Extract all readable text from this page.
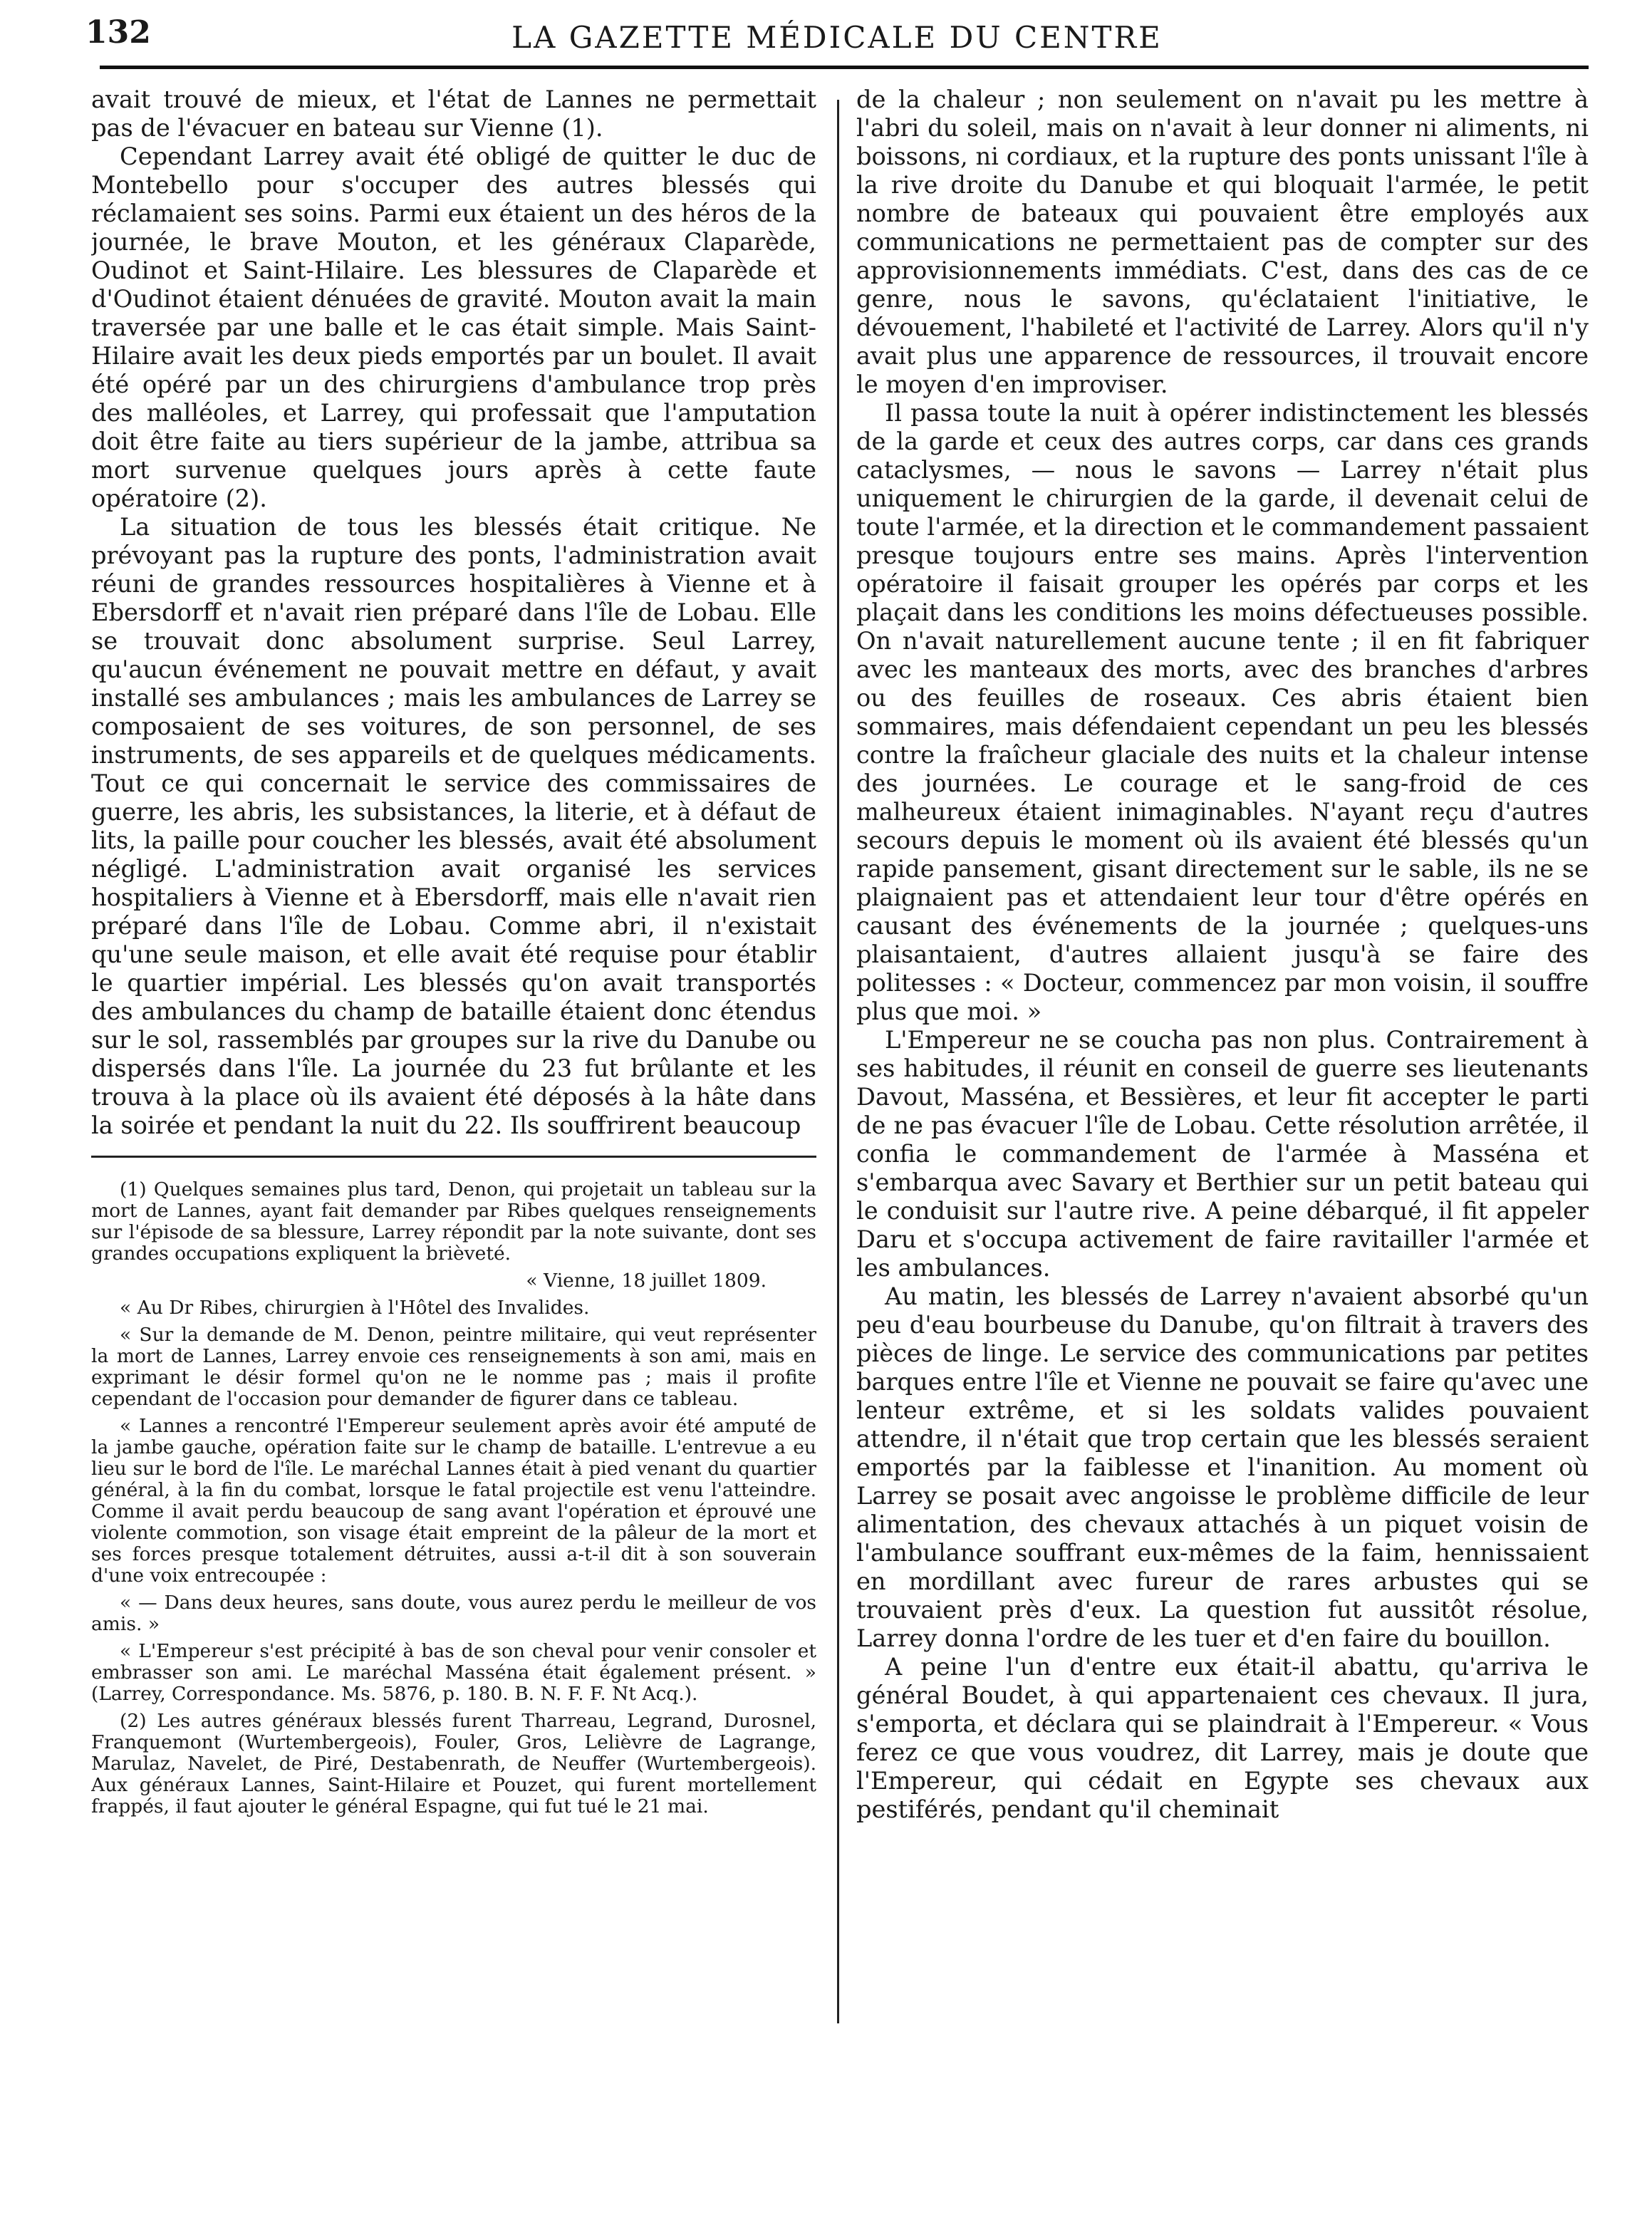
132	LA GAZETTE MÉDICALE DU CENTRE

avait trouvé de mieux, et l'état de Lannes ne permettait pas de l'évacuer en bateau sur Vienne (1).

Cependant Larrey avait été obligé de quitter le duc de Montebello pour s'occuper des autres blessés qui réclamaient ses soins. Parmi eux étaient un des héros de la journée, le brave Mouton, et les généraux Claparède, Oudinot et Saint-Hilaire. Les blessures de Claparède et d'Oudinot étaient dénuées de gravité. Mouton avait la main traversée par une balle et le cas était simple. Mais Saint-Hilaire avait les deux pieds emportés par un boulet. Il avait été opéré par un des chirurgiens d'ambulance trop près des malléoles, et Larrey, qui professait que l'amputation doit être faite au tiers supérieur de la jambe, attribua sa mort survenue quelques jours après à cette faute opératoire (2).

La situation de tous les blessés était critique. Ne prévoyant pas la rupture des ponts, l'administration avait réuni de grandes ressources hospitalières à Vienne et à Ebersdorff et n'avait rien préparé dans l'île de Lobau. Elle se trouvait donc absolument surprise. Seul Larrey, qu'aucun événement ne pouvait mettre en défaut, y avait installé ses ambulances ; mais les ambulances de Larrey se composaient de ses voitures, de son personnel, de ses instruments, de ses appareils et de quelques médicaments. Tout ce qui concernait le service des commissaires de guerre, les abris, les subsistances, la literie, et à défaut de lits, la paille pour coucher les blessés, avait été absolument négligé. L'administration avait organisé les services hospitaliers à Vienne et à Ebersdorff, mais elle n'avait rien préparé dans l'île de Lobau. Comme abri, il n'existait qu'une seule maison, et elle avait été requise pour établir le quartier impérial. Les blessés qu'on avait transportés des ambulances du champ de bataille étaient donc étendus sur le sol, rassemblés par groupes sur la rive du Danube ou dispersés dans l'île. La journée du 23 fut brûlante et les trouva à la place où ils avaient été déposés à la hâte dans la soirée et pendant la nuit du 22. Ils souffrirent beaucoup

(1) Quelques semaines plus tard, Denon, qui projetait un tableau sur la mort de Lannes, ayant fait demander par Ribes quelques renseignements sur l'épisode de sa blessure, Larrey répondit par la note suivante, dont ses grandes occupations expliquent la brièveté.
« Vienne, 18 juillet 1809.
« Au Dr Ribes, chirurgien à l'Hôtel des Invalides.
« Sur la demande de M. Denon, peintre militaire, qui veut représenter la mort de Lannes, Larrey envoie ces renseignements à son ami, mais en exprimant le désir formel qu'on ne le nomme pas ; mais il profite cependant de l'occasion pour demander de figurer dans ce tableau.
« Lannes a rencontré l'Empereur seulement après avoir été amputé de la jambe gauche, opération faite sur le champ de bataille. L'entrevue a eu lieu sur le bord de l'île. Le maréchal Lannes était à pied venant du quartier général, à la fin du combat, lorsque le fatal projectile est venu l'atteindre. Comme il avait perdu beaucoup de sang avant l'opération et éprouvé une violente commotion, son visage était empreint de la pâleur de la mort et ses forces presque totalement détruites, aussi a-t-il dit à son souverain d'une voix entrecoupée :
« — Dans deux heures, sans doute, vous aurez perdu le meilleur de vos amis. »
« L'Empereur s'est précipité à bas de son cheval pour venir consoler et embrasser son ami. Le maréchal Masséna était également présent. » (Larrey, Correspondance. Ms. 5876, p. 180. B. N. F. F. Nt Acq.).
(2) Les autres généraux blessés furent Tharreau, Legrand, Durosnel, Franquemont (Wurtembergeois), Fouler, Gros, Lelièvre de Lagrange, Marulaz, Navelet, de Piré, Destabenrath, de Neuffer (Wurtembergeois). Aux généraux Lannes, Saint-Hilaire et Pouzet, qui furent mortellement frappés, il faut ajouter le général Espagne, qui fut tué le 21 mai.

de la chaleur ; non seulement on n'avait pu les mettre à l'abri du soleil, mais on n'avait à leur donner ni aliments, ni boissons, ni cordiaux, et la rupture des ponts unissant l'île à la rive droite du Danube et qui bloquait l'armée, le petit nombre de bateaux qui pouvaient être employés aux communications ne permettaient pas de compter sur des approvisionnements immédiats. C'est, dans des cas de ce genre, nous le savons, qu'éclataient l'initiative, le dévouement, l'habileté et l'activité de Larrey. Alors qu'il n'y avait plus une apparence de ressources, il trouvait encore le moyen d'en improviser.

Il passa toute la nuit à opérer indistinctement les blessés de la garde et ceux des autres corps, car dans ces grands cataclysmes, — nous le savons — Larrey n'était plus uniquement le chirurgien de la garde, il devenait celui de toute l'armée, et la direction et le commandement passaient presque toujours entre ses mains. Après l'intervention opératoire il faisait grouper les opérés par corps et les plaçait dans les conditions les moins défectueuses possible. On n'avait naturellement aucune tente ; il en fit fabriquer avec les manteaux des morts, avec des branches d'arbres ou des feuilles de roseaux. Ces abris étaient bien sommaires, mais défendaient cependant un peu les blessés contre la fraîcheur glaciale des nuits et la chaleur intense des journées. Le courage et le sang-froid de ces malheureux étaient inimaginables. N'ayant reçu d'autres secours depuis le moment où ils avaient été blessés qu'un rapide pansement, gisant directement sur le sable, ils ne se plaignaient pas et attendaient leur tour d'être opérés en causant des événements de la journée ; quelques-uns plaisantaient, d'autres allaient jusqu'à se faire des politesses : « Docteur, commencez par mon voisin, il souffre plus que moi. »

L'Empereur ne se coucha pas non plus. Contrairement à ses habitudes, il réunit en conseil de guerre ses lieutenants Davout, Masséna, et Bessières, et leur fit accepter le parti de ne pas évacuer l'île de Lobau. Cette résolution arrêtée, il confia le commandement de l'armée à Masséna et s'embarqua avec Savary et Berthier sur un petit bateau qui le conduisit sur l'autre rive. A peine débarqué, il fit appeler Daru et s'occupa activement de faire ravitailler l'armée et les ambulances.

Au matin, les blessés de Larrey n'avaient absorbé qu'un peu d'eau bourbeuse du Danube, qu'on filtrait à travers des pièces de linge. Le service des communications par petites barques entre l'île et Vienne ne pouvait se faire qu'avec une lenteur extrême, et si les soldats valides pouvaient attendre, il n'était que trop certain que les blessés seraient emportés par la faiblesse et l'inanition. Au moment où Larrey se posait avec angoisse le problème difficile de leur alimentation, des chevaux attachés à un piquet voisin de l'ambulance souffrant eux-mêmes de la faim, hennissaient en mordillant avec fureur de rares arbustes qui se trouvaient près d'eux. La question fut aussitôt résolue, Larrey donna l'ordre de les tuer et d'en faire du bouillon.

A peine l'un d'entre eux était-il abattu, qu'arriva le général Boudet, à qui appartenaient ces chevaux. Il jura, s'emporta, et déclara qui se plaindrait à l'Empereur. « Vous ferez ce que vous voudrez, dit Larrey, mais je doute que l'Empereur, qui cédait en Egypte ses chevaux aux pestiférés, pendant qu'il cheminait
